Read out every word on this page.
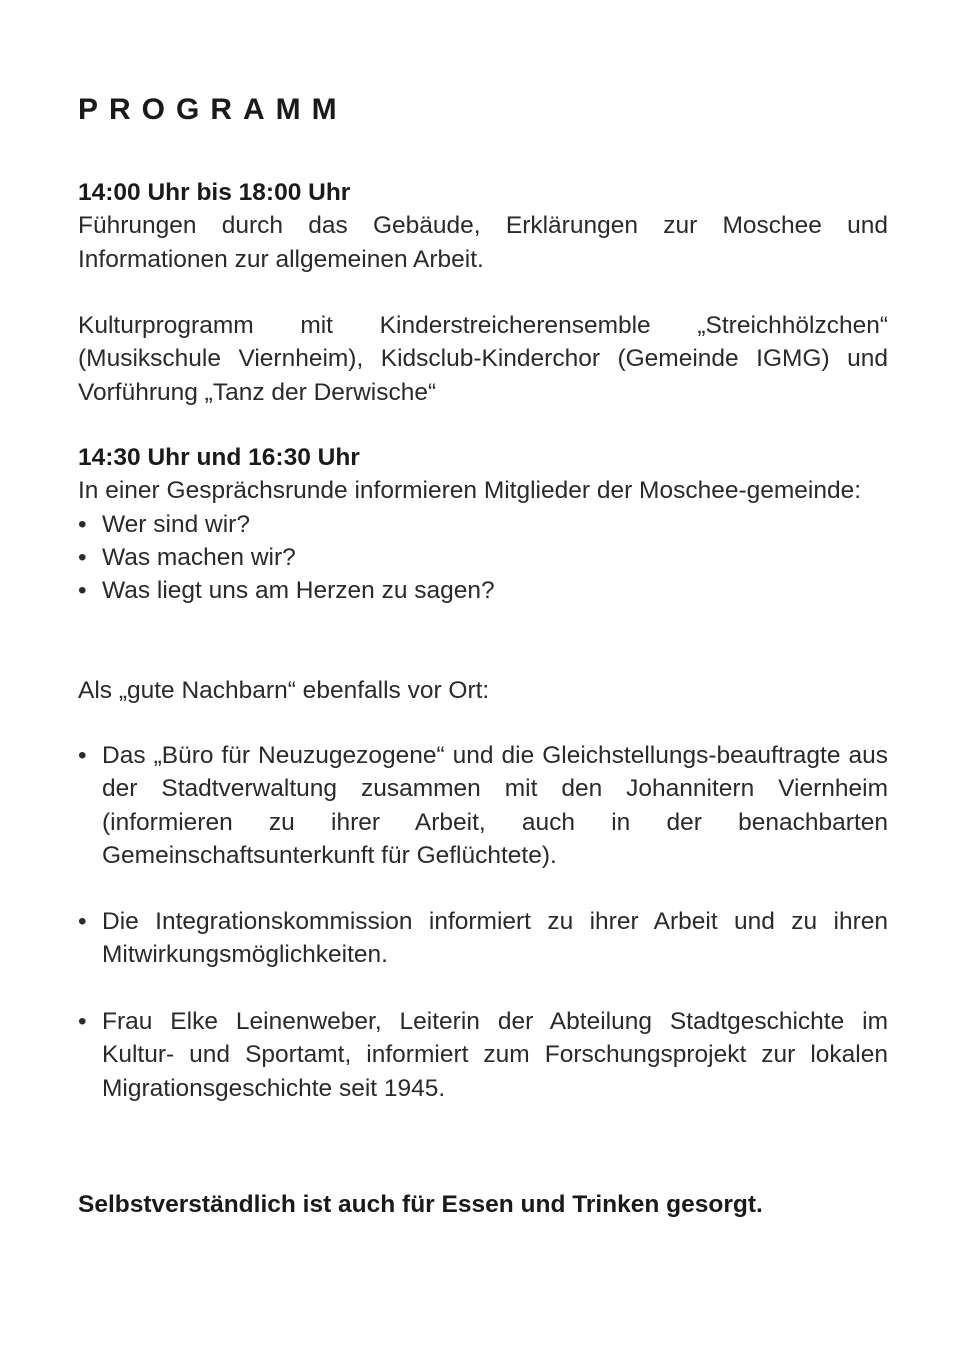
PROGRAMM
14:00 Uhr bis 18:00 Uhr
Führungen durch das Gebäude, Erklärungen zur Moschee und Informationen zur allgemeinen Arbeit.
Kulturprogramm mit Kinderstreicherensemble „Streichhölzchen“ (Musikschule Viernheim), Kidsclub-Kinderchor (Gemeinde IGMG) und Vorführung „Tanz der Derwische“
14:30 Uhr und 16:30 Uhr
In einer Gesprächsrunde informieren Mitglieder der Moschee-gemeinde:
• Wer sind wir?
• Was machen wir?
• Was liegt uns am Herzen zu sagen?
Als „gute Nachbarn“ ebenfalls vor Ort:
• Das „Büro für Neuzugezogene“ und die Gleichstellungs-beauftragte aus der Stadtverwaltung zusammen mit den Johannitern Viernheim (informieren zu ihrer Arbeit, auch in der benachbarten Gemeinschaftsunterkunft für Geflüchtete).
• Die Integrationskommission informiert zu ihrer Arbeit und zu ihren Mitwirkungsmöglichkeiten.
• Frau Elke Leinenweber, Leiterin der Abteilung Stadtgeschichte im Kultur- und Sportamt, informiert zum Forschungsprojekt zur lokalen Migrationsgeschichte seit 1945.
Selbstverständlich ist auch für Essen und Trinken gesorgt.
